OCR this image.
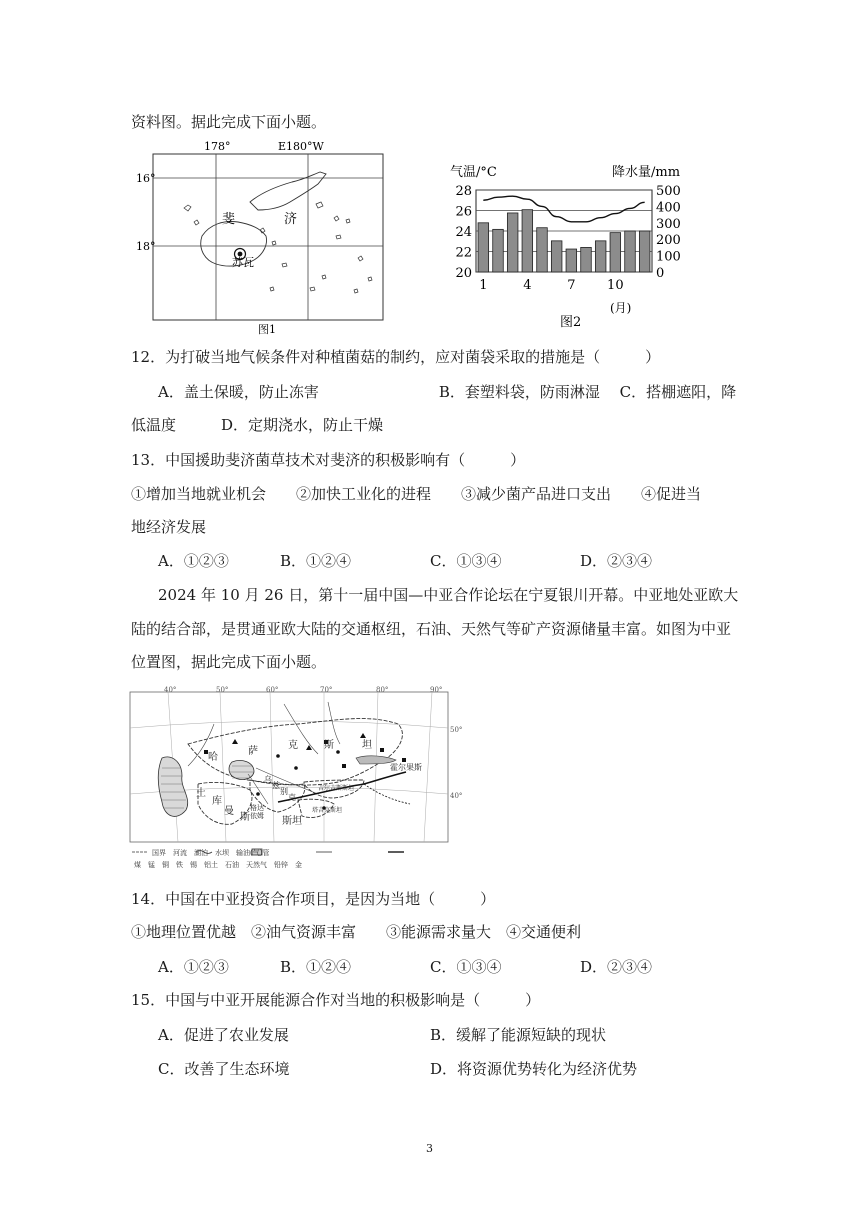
资料图。据此完成下面小题。
178°	E180°W
16°
18°
斐	济
苏瓦
图1
气温/°C	降水量/mm
28
26
24
22
20
500
400
300
200
100
0
1	4	7 10
(月)
图2
12．为打破当地气候条件对种植菌菇的制约，应对菌袋采取的措施是（　　　）
A．盖土保暖，防止冻害　　　　　　　　B．套塑料袋，防雨淋湿　 C．搭棚遮阳，降
低温度　　　D．定期浇水，防止干燥
13．中国援助斐济菌草技术对斐济的积极影响有（　　　）
①增加当地就业机会　　②加快工业化的进程　　③减少菌产品进口支出　　④促进当
地经济发展
A．①②③	B．①②④	C．①③④	D．②③④
2024 年 10 月 26 日，第十一届中国—中亚合作论坛在宁夏银川开幕。中亚地处亚欧大
陆的结合部，是贯通亚欧大陆的交通枢纽，石油、天然气等矿产资源储量丰富。如图为中亚
位置图，据此完成下面小题。
40°	50°	60°	70°	80°	90°
50°
40°
哈
萨
克	斯	坦
土
库
曼
斯
格达
依姆 斯 坦
乌
兹
别
克
霍尔果斯
吉尔吉斯斯坦
塔吉克斯坦
国界　河流　湖泊　水坝　输油(气)管
煤　锰　铜　铁　锡　铝土　石油　天然气　铅锌　金
14．中国在中亚投资合作项目，是因为当地（　　　）
①地理位置优越　②油气资源丰富　　③能源需求量大　④交通便利
A．①②③	B．①②④	C．①③④	D．②③④
15．中国与中亚开展能源合作对当地的积极影响是（　　　）
A．促进了农业发展	B．缓解了能源短缺的现状
C．改善了生态环境	D．将资源优势转化为经济优势
3
